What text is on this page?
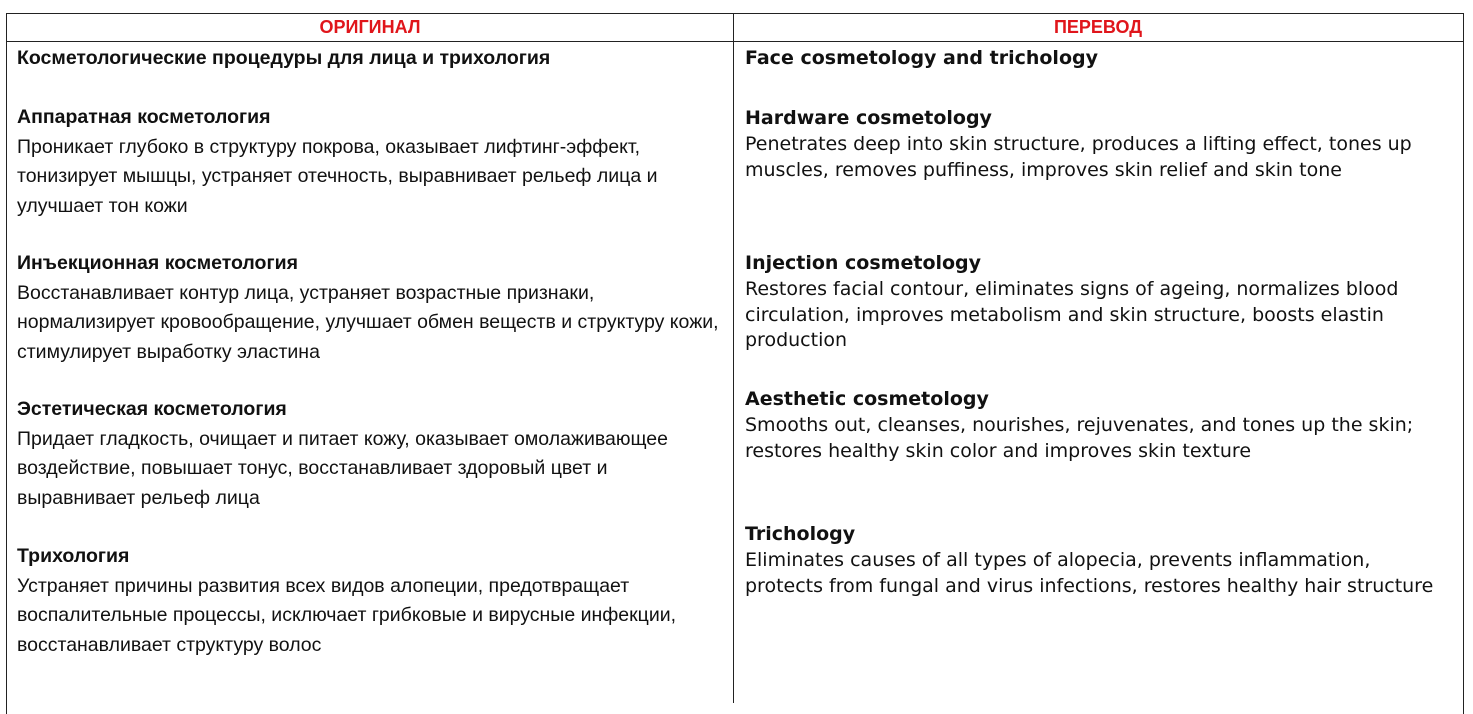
ОРИГИНАЛ	ПЕРЕВОД

Косметологические процедуры для лица и трихология

Аппаратная косметология

Проникает глубоко в структуру покрова, оказывает лифтинг-эффект, тонизирует мышцы, устраняет отечность, выравнивает рельеф лица и улучшает тон кожи

Инъекционная косметология

Восстанавливает контур лица, устраняет возрастные признаки, нормализирует кровообращение, улучшает обмен веществ и структуру кожи, стимулирует выработку эластина

Эстетическая косметология

Придает гладкость, очищает и питает кожу, оказывает омолаживающее воздействие, повышает тонус, восстанавливает здоровый цвет и выравнивает рельеф лица

Трихология

Устраняет причины развития всех видов алопеции, предотвращает воспалительные процессы, исключает грибковые и вирусные инфекции, восстанавливает структуру волос

Face cosmetology and trichology

Hardware cosmetology

Penetrates deep into skin structure, produces a lifting effect, tones up muscles, removes puffiness, improves skin relief and skin tone

Injection cosmetology

Restores facial contour, eliminates signs of ageing, normalizes blood circulation, improves metabolism and skin structure, boosts elastin production

Aesthetic cosmetology

Smooths out, cleanses, nourishes, rejuvenates, and tones up the skin; restores healthy skin color and improves skin texture

Trichology

Eliminates causes of all types of alopecia, prevents inflammation, protects from fungal and virus infections, restores healthy hair structure
